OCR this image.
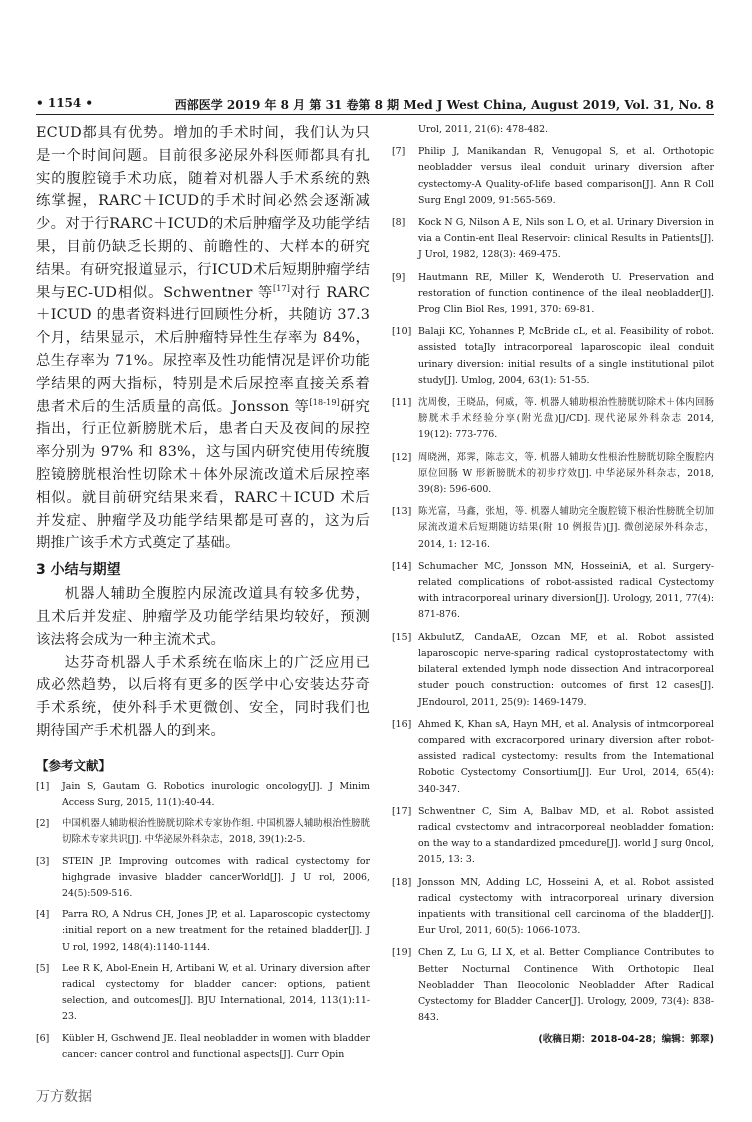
• 1154 •	西部医学 2019 年 8 月 第 31 卷第 8 期 Med J West China, August 2019, Vol. 31, No. 8

ECUD都具有优势。增加的手术时间，我们认为只是一个时间问题。目前很多泌尿外科医师都具有扎实的腹腔镜手术功底，随着对机器人手术系统的熟练掌握，RARC＋ICUD的手术时间必然会逐渐减少。对于行RARC＋ICUD的术后肿瘤学及功能学结果，目前仍缺乏长期的、前瞻性的、大样本的研究结果。有研究报道显示，行ICUD术后短期肿瘤学结果与EC-UD相似。Schwentner 等[17]对行 RARC＋ICUD 的患者资料进行回顾性分析，共随访 37.3 个月，结果显示，术后肿瘤特异性生存率为 84%，总生存率为 71%。尿控率及性功能情况是评价功能学结果的两大指标，特别是术后尿控率直接关系着患者术后的生活质量的高低。Jonsson 等[18-19]研究指出，行正位新膀胱术后，患者白天及夜间的尿控率分别为 97% 和 83%，这与国内研究使用传统腹腔镜膀胱根治性切除术＋体外尿流改道术后尿控率相似。就目前研究结果来看，RARC＋ICUD 术后并发症、肿瘤学及功能学结果都是可喜的，这为后期推广该手术方式奠定了基础。

3 小结与期望

机器人辅助全腹腔内尿流改道具有较多优势，且术后并发症、肿瘤学及功能学结果均较好，预测该法将会成为一种主流术式。

达芬奇机器人手术系统在临床上的广泛应用已成必然趋势，以后将有更多的医学中心安装达芬奇手术系统，使外科手术更微创、安全，同时我们也期待国产手术机器人的到来。

【参考文献】
[1]	Jain S, Gautam G. Robotics inurologic oncology[J]. J Minim Access Surg, 2015, 11(1):40-44.
[2]	中国机器人辅助根治性膀胱切除术专家协作组. 中国机器人辅助根治性膀胱切除术专家共识[J]. 中华泌尿外科杂志，2018, 39(1):2-5.
[3]	STEIN JP. Improving outcomes with radical cystectomy for highgrade invasive bladder cancerWorld[J]. J U rol, 2006, 24(5):509-516.
[4]	Parra RO, A Ndrus CH, Jones JP, et al. Laparoscopic cystectomy :initial report on a new treatment for the retained bladder[J]. J U rol, 1992, 148(4):1140-1144.
[5]	Lee R K, Abol-Enein H, Artibani W, et al. Urinary diversion after radical cystectomy for bladder cancer: options, patient selection, and outcomes[J]. BJU International, 2014, 113(1):11-23.
[6]	Kübler H, Gschwend JE. Ileal neobladder in women with bladder cancer: cancer control and functional aspects[J]. Curr Opin
Urol, 2011, 21(6): 478-482.
[7]	Philip J, Manikandan R, Venugopal S, et al. Orthotopic neobladder versus ileal conduit urinary diversion after cystectomy-A Quality-of-life based comparison[J]. Ann R Coll Surg Engl 2009, 91:565-569.
[8]	Kock N G, Nilson A E, Nils son L O, et al. Urinary Diversion in via a Contin-ent Ileal Reservoir: clinical Results in Patients[J]. J Urol, 1982, 128(3): 469-475.
[9]	Hautmann RE, Miller K, Wenderoth U. Preservation and restoration of function continence of the ileal neobladder[J]. Prog Clin Biol Res, 1991, 370: 69-81.
[10] Balaji KC, Yohannes P, McBride cL, et al. Feasibility of robot. assisted totaJly intracorporeal laparoscopic ileal conduit urinary diversion: initial results of a single institutional pilot study[J]. Umlog, 2004, 63(1): 51-55.
[11] 沈周俊，王晓品，何威，等. 机器人辅助根治性膀胱切除术＋体内回肠膀胱术手术经验分享(附光盘)[J/CD]. 现代泌尿外科杂志 2014, 19(12): 773-776.
[12] 周晓洲，郑霁，陈志文，等. 机器人辅助女性根治性膀胱切除全腹腔内原位回肠 W 形新膀胱术的初步疗效[J]. 中华泌尿外科杂志，2018, 39(8): 596-600.
[13] 陈光富，马鑫，张旭，等. 机器人辅助完全腹腔镜下根治性膀胱全切加尿流改道术后短期随访结果(附 10 例报告)[J]. 微创泌尿外科杂志，2014, 1: 12-16.
[14] Schumacher MC, Jonsson MN, HosseiniA, et al. Surgery-related complications of robot-assisted radical Cystectomy with intracorporeal urinary diversion[J]. Urology, 2011, 77(4): 871-876.
[15] AkbulutZ, CandaAE, Ozcan MF, et al. Robot assisted laparoscopic nerve-sparing radical cystoprostatectomy with bilateral extended lymph node dissection And intracorporeal studer pouch construction: outcomes of first 12 cases[J]. JEndourol, 2011, 25(9): 1469-1479.
[16] Ahmed K, Khan sA, Hayn MH, et al. Analysis of intmcorporeal compared with excracorpored urinary diversion after robot-assisted radical cystectomy: results from the Intemational Robotic Cystectomy Consortium[J]. Eur Urol, 2014, 65(4): 340-347.
[17] Schwentner C, Sim A, Balbav MD, et al. Robot assisted radical cvstectomv and intracorporeal neobladder fomation: on the way to a standardized pmcedure[J]. world J surg 0ncol, 2015, 13: 3.
[18] Jonsson MN, Adding LC, Hosseini A, et al. Robot assisted radical cystectomy with intracorporeal urinary diversion inpatients with transitional cell carcinoma of the bladder[J]. Eur Urol, 2011, 60(5): 1066-1073.
[19] Chen Z, Lu G, LI X, et al. Better Compliance Contributes to Better Nocturnal Continence With Orthotopic Ileal Neobladder Than Ileocolonic Neobladder After Radical Cystectomy for Bladder Cancer[J]. Urology, 2009, 73(4): 838-843.
(收稿日期：2018-04-28；编辑：郭翠)
万方数据
